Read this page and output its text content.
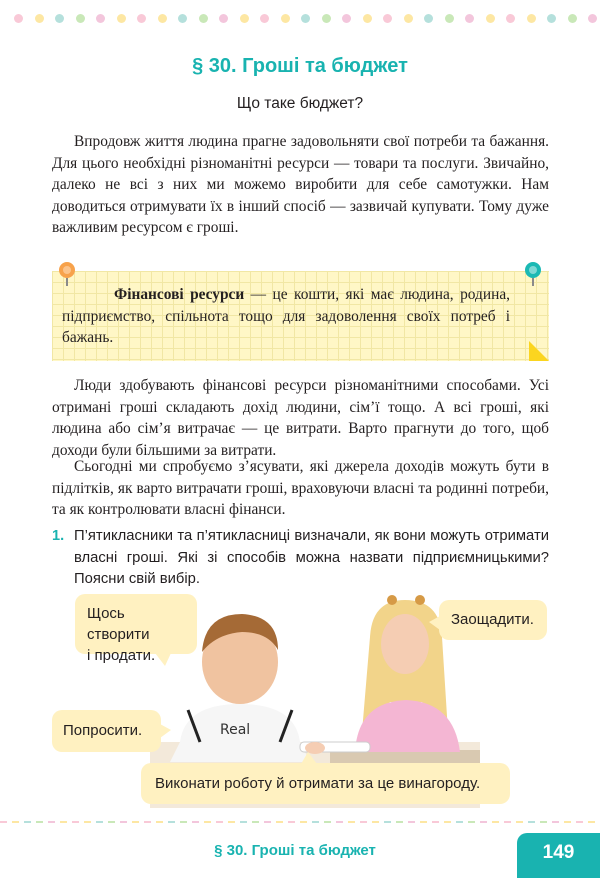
§ 30. Гроші та бюджет
Що таке бюджет?
Впродовж життя людина прагне задовольняти свої потреби та бажання. Для цього необхідні різноманітні ресурси — товари та послуги. Звичайно, далеко не всі з них ми можемо виробити для себе самотужки. Нам доводиться отримувати їх в інший спосіб — зазвичай купувати. Тому дуже важливим ресурсом є гроші.
Фінансові ресурси — це кошти, які має людина, родина, підприємство, спільнота тощо для задоволення своїх потреб і бажань.
Люди здобувають фінансові ресурси різноманітними способами. Усі отримані гроші складають дохід людини, сім’ї тощо. А всі гроші, які людина або сім’я витрачає — це витрати. Варто прагнути до того, щоб доходи були більшими за витрати.
Сьогодні ми спробуємо з’ясувати, які джерела доходів можуть бути в підлітків, як варто витрачати гроші, враховуючи власні та родинні потреби, та як контролювати власні фінанси.
1. П’ятикласники та п’ятикласниці визначали, як вони можуть отримати власні гроші. Які зі способів можна назвати підприємницькими? Поясни свій вибір.
Real
Щось створити
і продати.
Заощадити.
Попросити.
Виконати роботу й отримати за це винагороду.
§ 30. Гроші та бюджет	149
